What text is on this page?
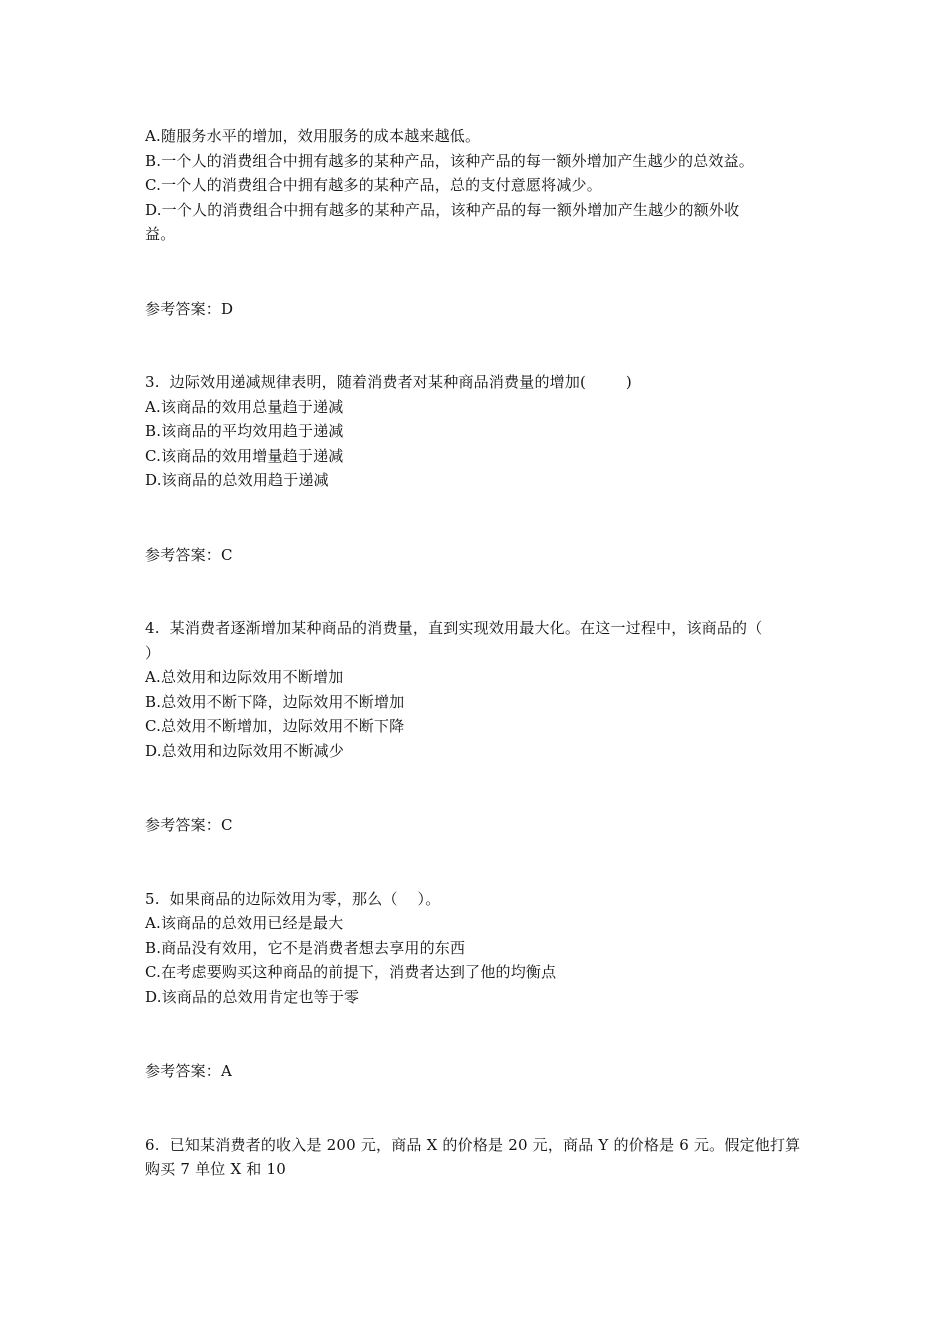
A.随服务水平的增加，效用服务的成本越来越低。
B.一个人的消费组合中拥有越多的某种产品，该种产品的每一额外增加产生越少的总效益。
C.一个人的消费组合中拥有越多的某种产品，总的支付意愿将减少。
D.一个人的消费组合中拥有越多的某种产品，该种产品的每一额外增加产生越少的额外收
益。
参考答案：D
3.  边际效用递减规律表明，随着消费者对某种商品消费量的增加(        )
A.该商品的效用总量趋于递减
B.该商品的平均效用趋于递减
C.该商品的效用增量趋于递减
D.该商品的总效用趋于递减
参考答案：C
4.  某消费者逐渐增加某种商品的消费量，直到实现效用最大化。在这一过程中，该商品的（
）
A.总效用和边际效用不断增加
B.总效用不断下降，边际效用不断增加
C.总效用不断增加，边际效用不断下降
D.总效用和边际效用不断减少
参考答案：C
5.  如果商品的边际效用为零，那么（    ）。
A.该商品的总效用已经是最大
B.商品没有效用，它不是消费者想去享用的东西
C.在考虑要购买这种商品的前提下，消费者达到了他的均衡点
D.该商品的总效用肯定也等于零
参考答案：A
6.  已知某消费者的收入是 200 元，商品 X 的价格是 20 元，商品 Y 的价格是 6 元。假定他打算
购买 7 单位 X 和 10
